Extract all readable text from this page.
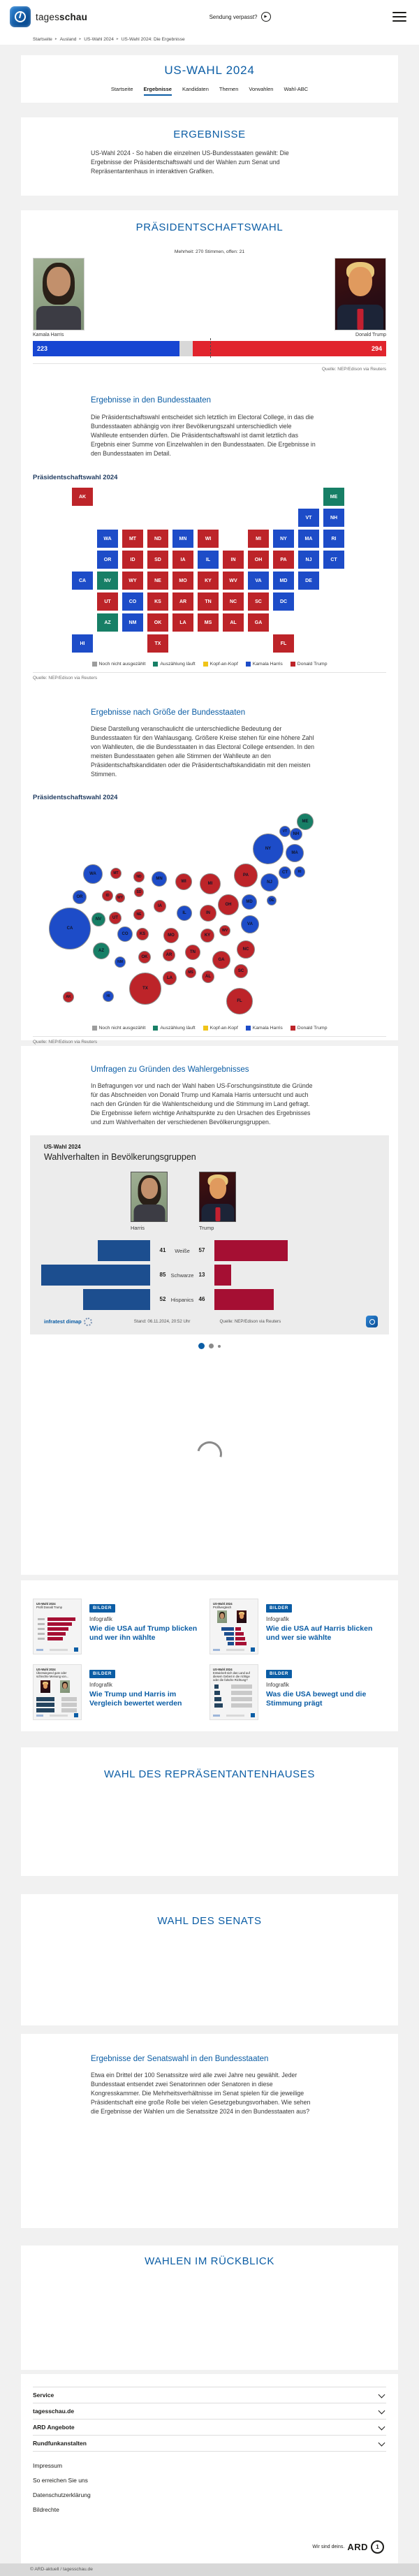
tagesschau	Sendung verpasst?	▶
Startseite ▸ Ausland ▸ US-Wahl 2024 ▸ US-Wahl 2024: Die Ergebnisse
US-WAHL 2024
Startseite Ergebnisse Kandidaten Themen Vorwahlen Wahl-ABC
ERGEBNISSE

US-Wahl 2024 - So haben die einzelnen US-Bundesstaaten gewählt: Die Ergebnisse der Präsidentschaftswahl und der Wahlen zum Senat und Repräsentantenhaus in interaktiven Grafiken.

PRÄSIDENTSCHAFTSWAHL
Mehrheit: 270 Stimmen, offen: 21
Kamala Harris	Donald Trump
223	294
Quelle: NEP/Edison via Reuters
Ergebnisse in den Bundesstaaten

Die Präsidentschaftswahl entscheidet sich letztlich im Electoral College, in das die Bundesstaaten abhängig von ihrer Bevölkerungszahl unterschiedlich viele Wahlleute entsenden dürfen. Die Präsidentschaftswahl ist damit letztlich das Ergebnis einer Summe von Einzelwahlen in den Bundesstaaten. Die Ergebnisse in den Bundesstaaten im Detail.

Präsidentschaftswahl 2024
AK	ME
VT	NH
WA	MT	ND	MN	WI	MI	NY	MA	RI
OR	ID	SD	IA	IL	IN	OH	PA	NJ	CT
CA	NV	WY	NE	MO	KY	WV	VA	MD	DE
UT	CO	KS	AR	TN	NC	SC	DC
AZ	NM	OK	LA	MS	AL	GA
HI	TX	FL
Noch nicht ausgezählt	Auszählung läuft	Kopf-an-Kopf	Kamala Harris	Donald Trump
Quelle: NEP/Edison via Reuters
Ergebnisse nach Größe der Bundesstaaten

Diese Darstellung veranschaulicht die unterschiedliche Bedeutung der Bundesstaaten für den Wahlausgang. Größere Kreise stehen für eine höhere Zahl von Wahlleuten, die die Bundesstaaten in das Electoral College entsenden. In den meisten Bundesstaaten gehen alle Stimmen der Wahlleute an den Präsidentschaftskandidaten oder die Präsidentschaftskandidatin mit den meisten Stimmen.

Präsidentschaftswahl 2024
ME
VT
NH
NY
MA
WA	MT
ND	MN
WI	MI
PA
NJ
CT	RI
OR	ID	WY
SD
IA	OH
MD	DE
CA
NV	UT
NE	IL	IN
VA
WV
KY
CO	KS	MO
NC
TN
AZ
AR
GA
OK
NM
SC
MS
AL
LA
TX
AK	HI
FL
Noch nicht ausgezählt	Auszählung läuft	Kopf-an-Kopf	Kamala Harris	Donald Trump
Quelle: NEP/Edison via Reuters
Umfragen zu Gründen des Wahlergebnisses

In Befragungen vor und nach der Wahl haben US-Forschungsinstitute die Gründe für das Abschneiden von Donald Trump und Kamala Harris untersucht und auch nach den Gründen für die Wahlentscheidung und die Stimmung im Land gefragt. Die Ergebnisse liefern wichtige Anhaltspunkte zu den Ursachen des Ergebnisses und zum Wahlverhalten der verschiedenen Bevölkerungsgruppen.

US-Wahl 2024
Wahlverhalten in Bevölkerungsgruppen
Harris	Trump
41	Weiße	57
85 Schwarze 13
52 Hispanics 46
infratest dimap	Stand: 06.11.2024, 20:52 Uhr	Quelle: NEP/Edison via Reuters
US-Wahl 2024
Profil Donald Trump	BILDER
Infografik
Wie die USA auf Trump blicken und wer ihn wählte
US-Wahl 2024
Profilvergleich	BILDER
Infografik
Wie die USA auf Harris blicken und wer sie wählte
US-Wahl 2024
Überwiegend gute oder schlechte Meinung von...
BILDER
Infografik
Wie Trump und Harris im Vergleich bewertet werden
US-Wahl 2024
Entwickelt sich das Land auf diesem Gebiet in die richtige oder die falsche Richtung?
BILDER
Infografik
Was die USA bewegt und die Stimmung prägt
WAHL DES REPRÄSENTANTENHAUSES
WAHL DES SENATS
Ergebnisse der Senatswahl in den Bundesstaaten

Etwa ein Drittel der 100 Senatssitze wird alle zwei Jahre neu gewählt. Jeder Bundesstaat entsendet zwei Senatorinnen oder Senatoren in diese Kongresskammer. Die Mehrheitsverhältnisse im Senat spielen für die jeweilige Präsidentschaft eine große Rolle bei vielen Gesetzgebungsvorhaben. Wie sehen die Ergebnisse der Wahlen um die Senatssitze 2024 in den Bundesstaaten aus?

WAHLEN IM RÜCKBLICK
Service
tagesschau.de
ARD Angebote
Rundfunkanstalten
Impressum
So erreichen Sie uns
Datenschutzerklärung
Bildrechte
Wir sind deins. ARD	1
© ARD-aktuell / tagesschau.de
